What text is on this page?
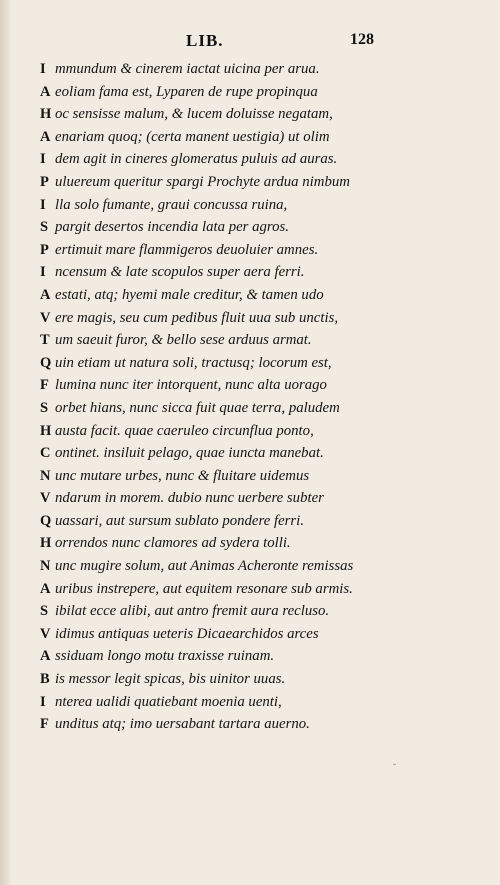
LIB.	128
I mmundum & cinerem iactat uicina per arua.
A eoliam fama est, Lyparen de rupe propinqua
H oc sensisse malum, & lucem doluisse negatam,
A enariam quoq; (certa manent uestigia) ut olim
I dem agit in cineres glomeratus puluis ad auras.
P uluereum queritur spargi Prochyte ardua nimbum
I lla solo fumante, graui concussa ruina,
S pargit desertos incendia lata per agros.
P ertimuit mare flammigeros deuoluier amnes.
I ncensum & late scopulos super aera ferri.
A estati, atq; hyemi male creditur, & tamen udo
V ere magis, seu cum pedibus fluit uua sub unctis,
T um saeuit furor, & bello sese arduus armat.
Q uin etiam ut natura soli, tractusq; locorum est,
F lumina nunc iter intorquent, nunc alta uorago
S orbet hians, nunc sicca fuit quae terra, paludem
H austa facit. quae caeruleo circunflua ponto,
C ontinet. insiluit pelago, quae iuncta manebat.
N unc mutare urbes, nunc & fluitare uidemus
V ndarum in morem. dubio nunc uerbere subter
Q uassari, aut sursum sublato pondere ferri.
H orrendos nunc clamores ad sydera tolli.
N unc mugire solum, aut Animas Acheronte remissas
A uribus instrepere, aut equitem resonare sub armis.
S ibilat ecce alibi, aut antro fremit aura recluso.
V idimus antiquas ueteris Dicaearchidos arces
A ssiduam longo motu traxisse ruinam.
B is messor legit spicas, bis uinitor uuas.
I nterea ualidi quatiebant moenia uenti,
F unditus atq; imo uersabant tartara auerno.
˘
